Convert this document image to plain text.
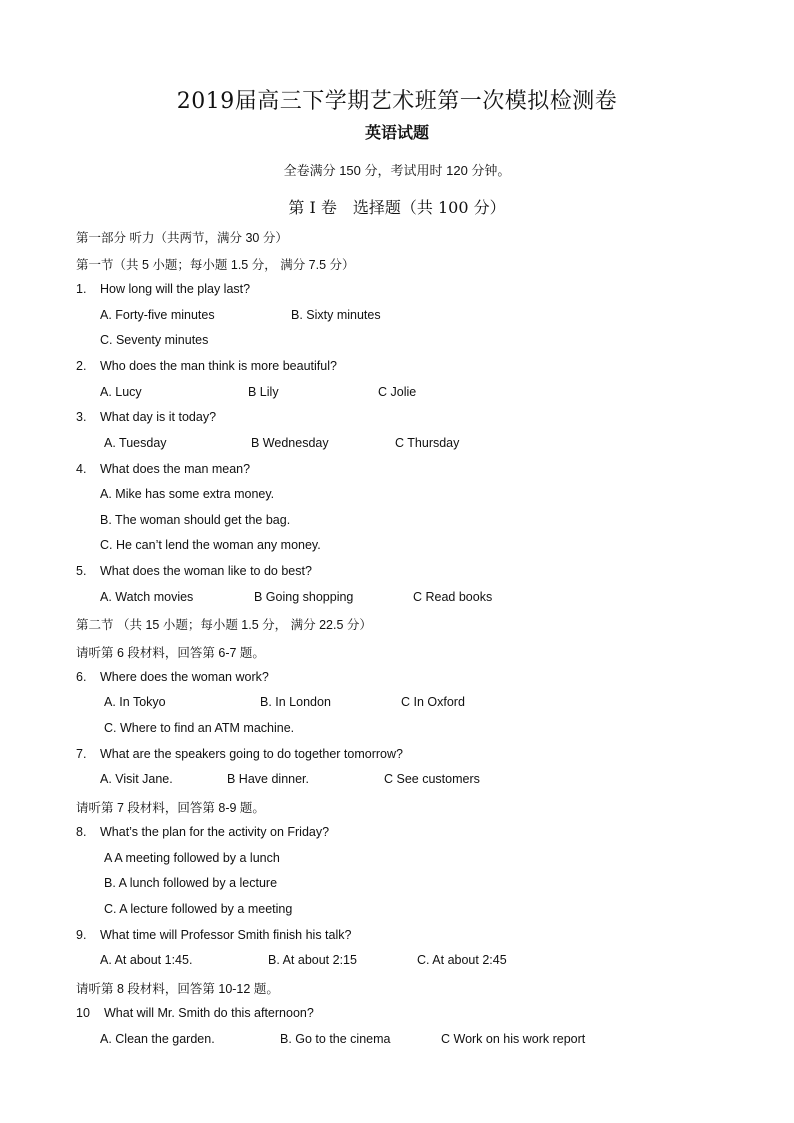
2019届高三下学期艺术班第一次模拟检测卷
英语试题
全卷满分 150 分，考试用时 120 分钟。
第 I 卷　选择题（共 100 分）
第一部分 听力（共两节，满分 30 分）
第一节（共 5 小题；每小题 1.5 分， 满分 7.5 分）
1. How long will the play last?
A. Forty-five minutes	B. Sixty minutes
C. Seventy minutes
2. Who does the man think is more beautiful?
A. Lucy	B Lily	C Jolie
3. What day is it today?
A. Tuesday	B Wednesday	C Thursday
4. What does the man mean?
A. Mike has some extra money.
B. The woman should get the bag.
C. He can’t lend the woman any money.
5. What does the woman like to do best?
A. Watch movies	B Going shopping	C Read books
第二节 （共 15 小题；每小题 1.5 分， 满分 22.5 分）
请听第 6 段材料，回答第 6-7 题。
6. Where does the woman work?
A. In Tokyo	B. In London	C In Oxford
C. Where to find an ATM machine.
7. What are the speakers going to do together tomorrow?
A. Visit Jane.	B Have dinner.	C See customers
请听第 7 段材料，回答第 8-9 题。
8. What’s the plan for the activity on Friday?
A A meeting followed by a lunch
B. A lunch followed by a lecture
C. A lecture followed by a meeting
9. What time will Professor Smith finish his talk?
A. At about 1:45.	B. At about 2:15	C. At about 2:45
请听第 8 段材料，回答第 10-12 题。
10 What will Mr. Smith do this afternoon?
A. Clean the garden.	B. Go to the cinema	C Work on his work report
